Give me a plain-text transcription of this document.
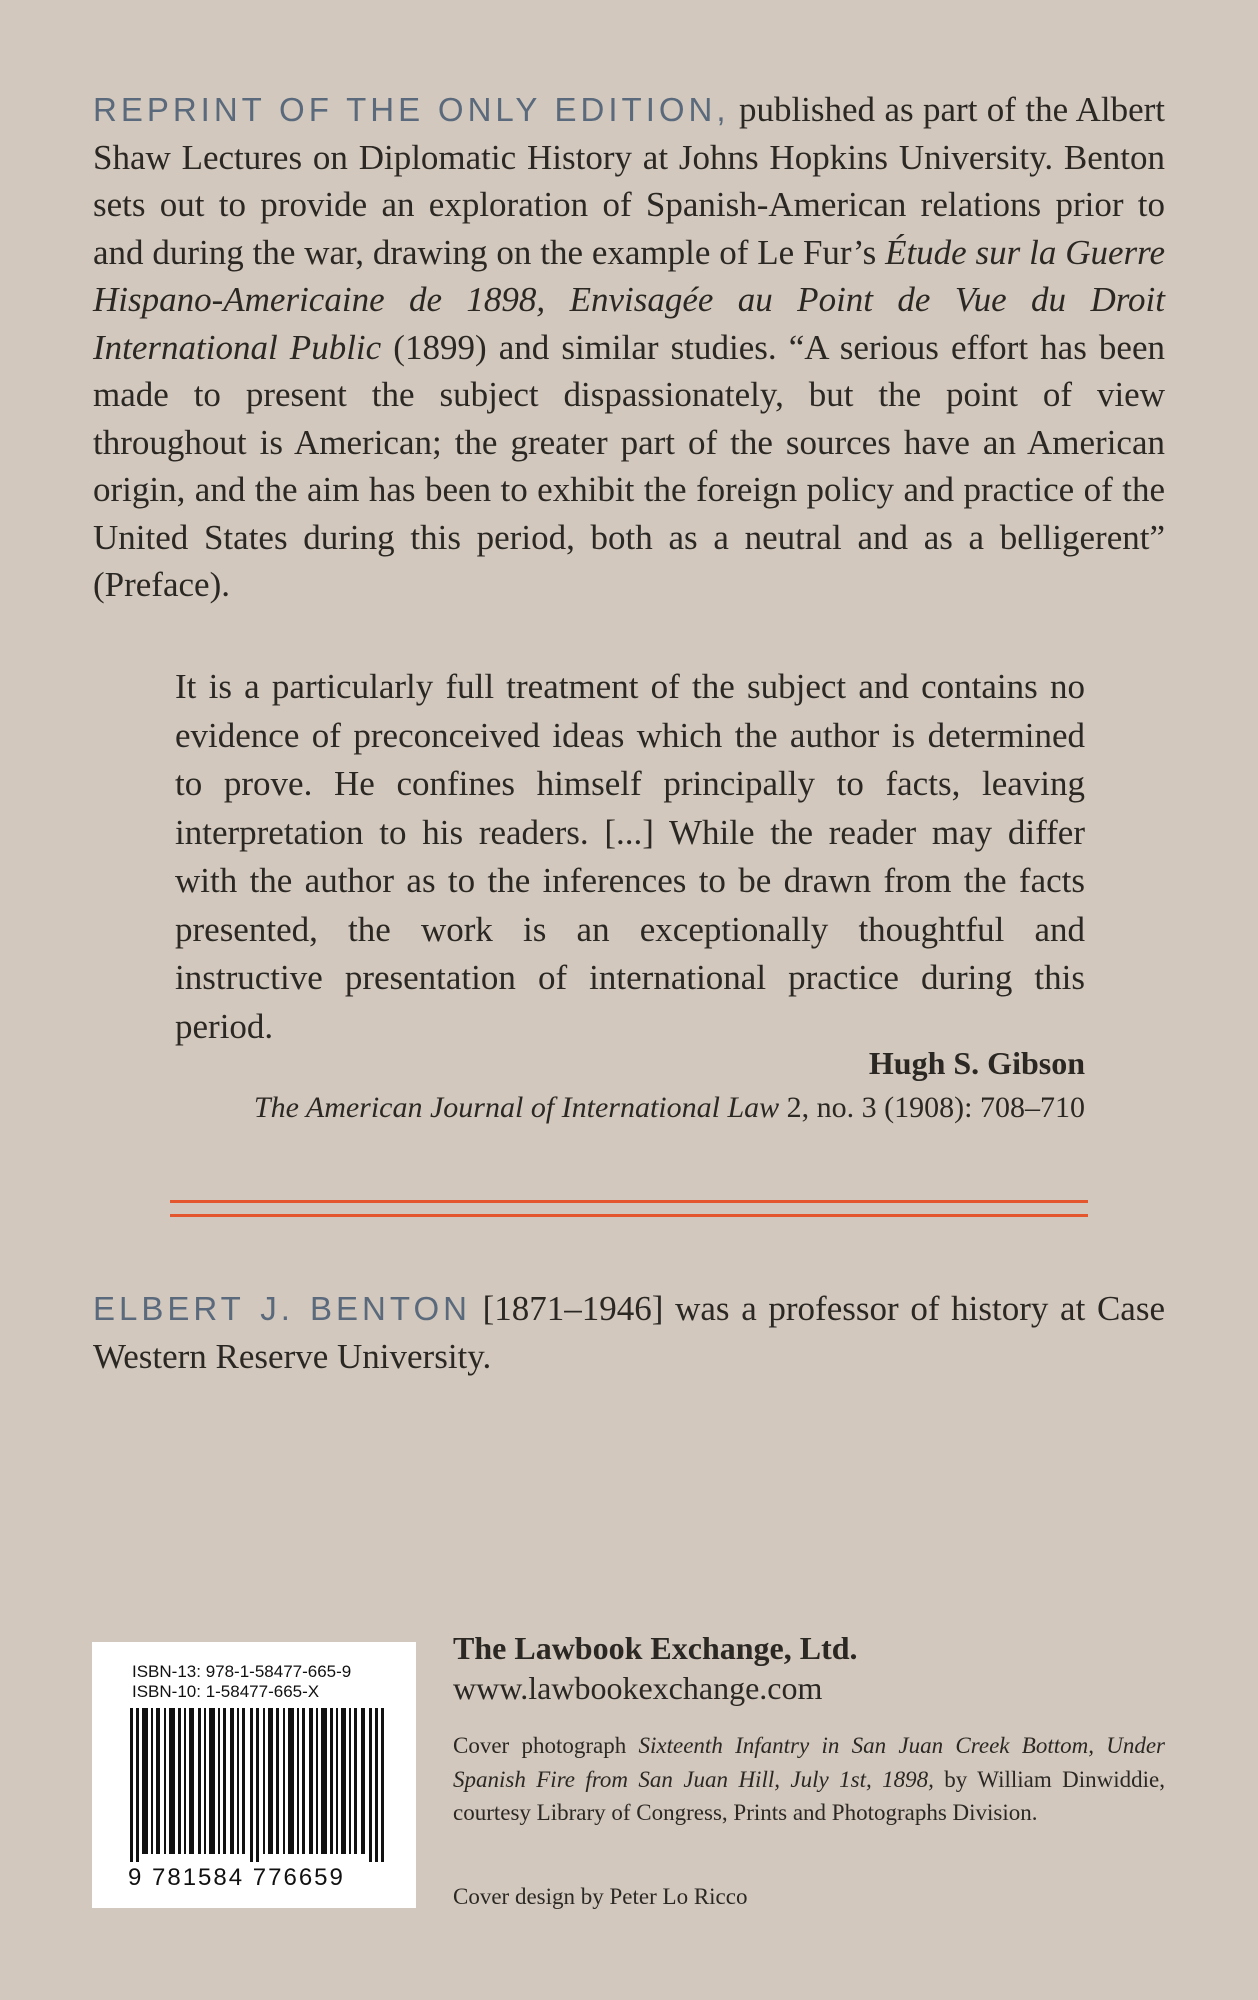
REPRINT OF THE ONLY EDITION, published as part of the Albert Shaw Lectures on Diplomatic History at Johns Hopkins University. Benton sets out to provide an exploration of Spanish-American relations prior to and during the war, drawing on the example of Le Fur’s Étude sur la Guerre Hispano-Americaine de 1898, Envisagée au Point de Vue du Droit International Public (1899) and similar studies. “A serious effort has been made to present the subject dispassionately, but the point of view throughout is American; the greater part of the sources have an American origin, and the aim has been to exhibit the foreign policy and practice of the United States during this period, both as a neutral and as a belligerent” (Preface).

It is a particularly full treatment of the subject and contains no evidence of preconceived ideas which the author is determined to prove. He confines himself principally to facts, leaving interpretation to his readers. [...] While the reader may differ with the author as to the inferences to be drawn from the facts presented, the work is an exceptionally thoughtful and instructive presentation of international practice during this period.

Hugh S. Gibson
The American Journal of International Law 2, no. 3 (1908): 708–710

ELBERT J. BENTON [1871–1946] was a professor of history at Case Western Reserve University.

ISBN-13: 978-1-58477-665-9

ISBN-10: 1-58477-665-X

9 781584 776659

The Lawbook Exchange, Ltd.

www.lawbookexchange.com

Cover photograph Sixteenth Infantry in San Juan Creek Bottom, Under Spanish Fire from San Juan Hill, July 1st, 1898, by William Dinwiddie, courtesy Library of Congress, Prints and Photographs Division.

Cover design by Peter Lo Ricco
